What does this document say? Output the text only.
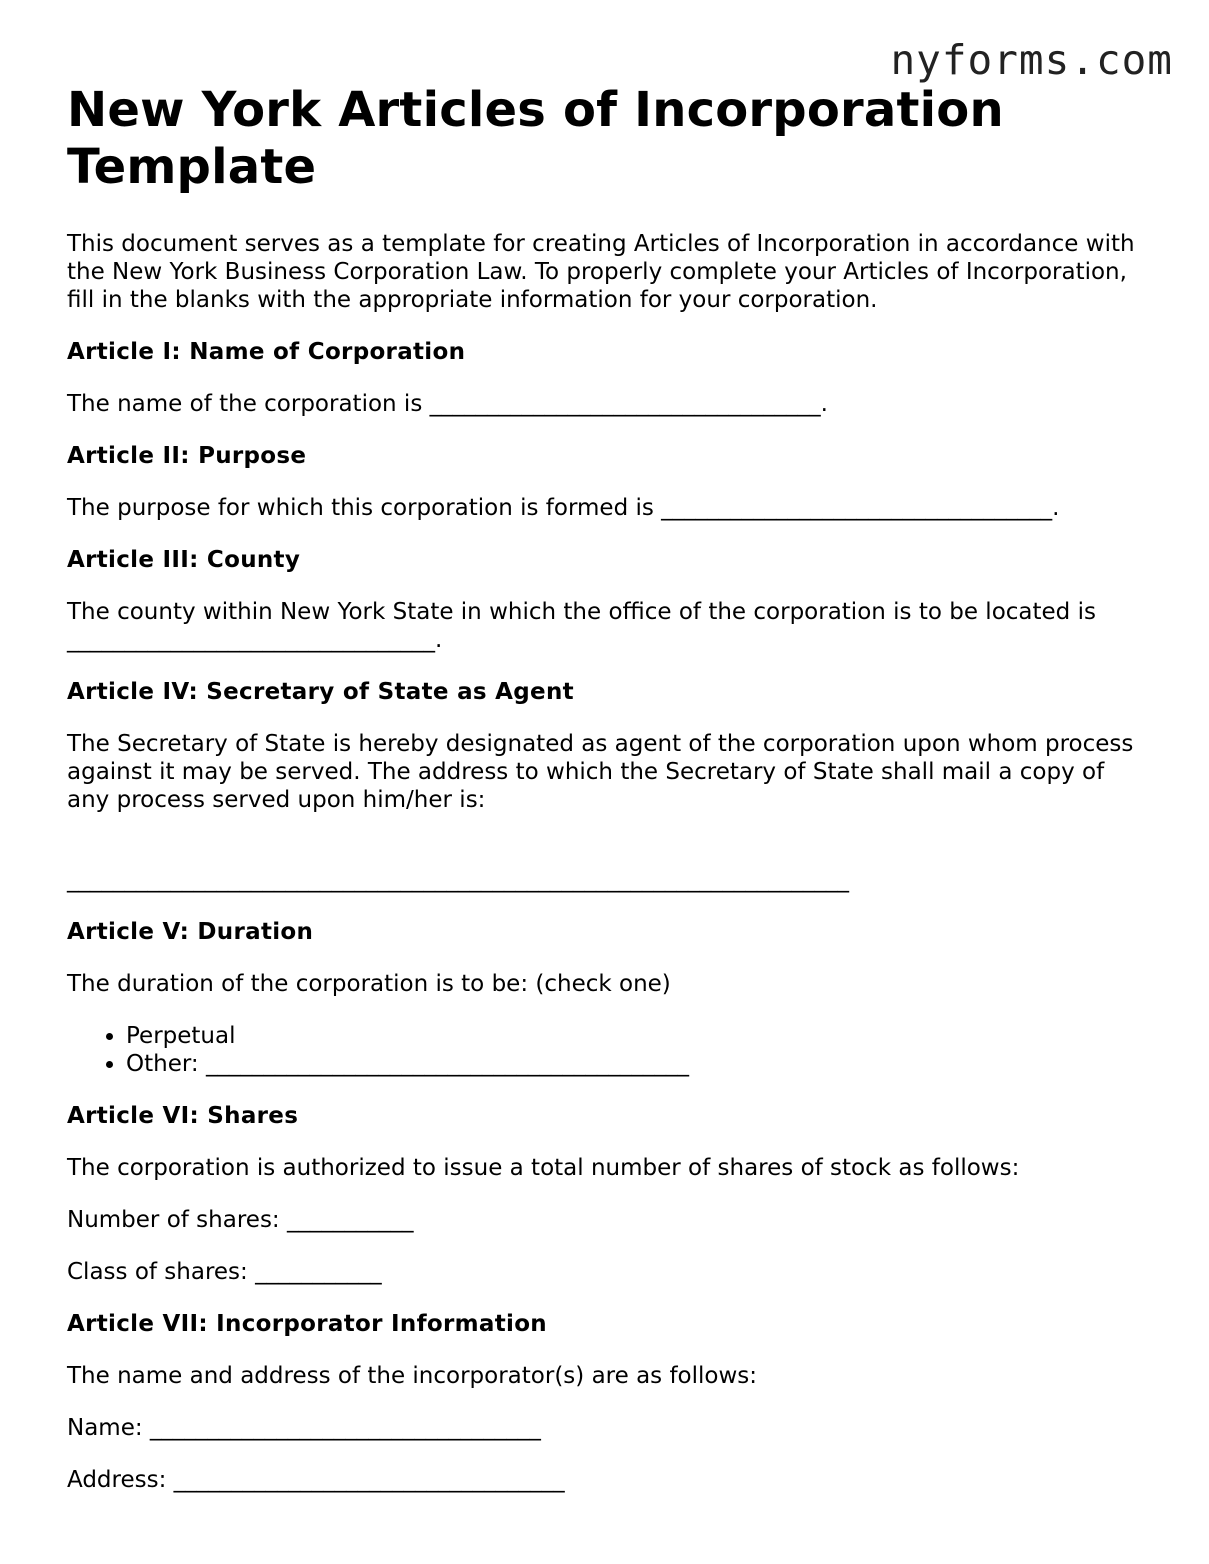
nyforms.com
New York Articles of Incorporation Template

This document serves as a template for creating Articles of Incorporation in accordance with the New York Business Corporation Law. To properly complete your Articles of Incorporation, fill in the blanks with the appropriate information for your corporation.

Article I: Name of Corporation

The name of the corporation is __________________________________.

Article II: Purpose

The purpose for which this corporation is formed is __________________________________.

Article III: County

The county within New York State in which the office of the corporation is to be located is ________________________________.

Article IV: Secretary of State as Agent

The Secretary of State is hereby designated as agent of the corporation upon whom process against it may be served. The address to which the Secretary of State shall mail a copy of any process served upon him/her is:

____________________________________________________________________

Article V: Duration

The duration of the corporation is to be: (check one)

• Perpetual
• Other: __________________________________________
Article VI: Shares

The corporation is authorized to issue a total number of shares of stock as follows:

Number of shares: ___________

Class of shares: ___________

Article VII: Incorporator Information

The name and address of the incorporator(s) are as follows:

Name: __________________________________

Address: __________________________________
